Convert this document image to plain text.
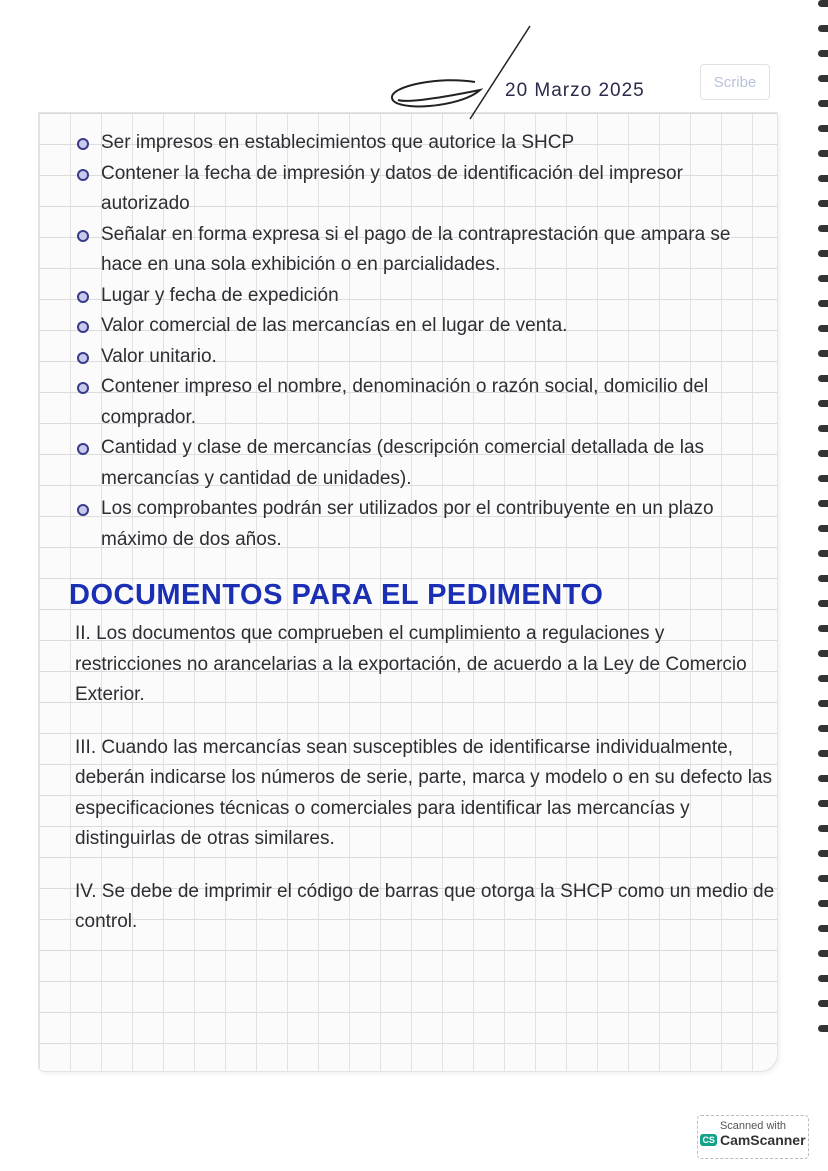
20 Marzo 2025	Scribe
Ser impresos en establecimientos que autorice la SHCP
Contener la fecha de impresión y datos de identificación del impresor autorizado
Señalar en forma expresa si el pago de la contraprestación que ampara se hace en una sola exhibición o en parcialidades.
Lugar y fecha de expedición
Valor comercial de las mercancías en el lugar de venta.
Valor unitario.
Contener impreso el nombre, denominación o razón social, domicilio del comprador.
Cantidad y clase de mercancías (descripción comercial detallada de las mercancías y cantidad de unidades).
Los comprobantes podrán ser utilizados por el contribuyente en un plazo máximo de dos años.
DOCUMENTOS PARA EL PEDIMENTO
II. Los documentos que comprueben el cumplimiento a regulaciones y restricciones no arancelarias a la exportación, de acuerdo a la Ley de Comercio Exterior.
III. Cuando las mercancías sean susceptibles de identificarse individualmente, deberán indicarse los números de serie, parte, marca y modelo o en su defecto las especificaciones técnicas o comerciales para identificar las mercancías y distinguirlas de otras similares.
IV. Se debe de imprimir el código de barras que otorga la SHCP como un medio de control.
Scanned with
CS CamScanner
